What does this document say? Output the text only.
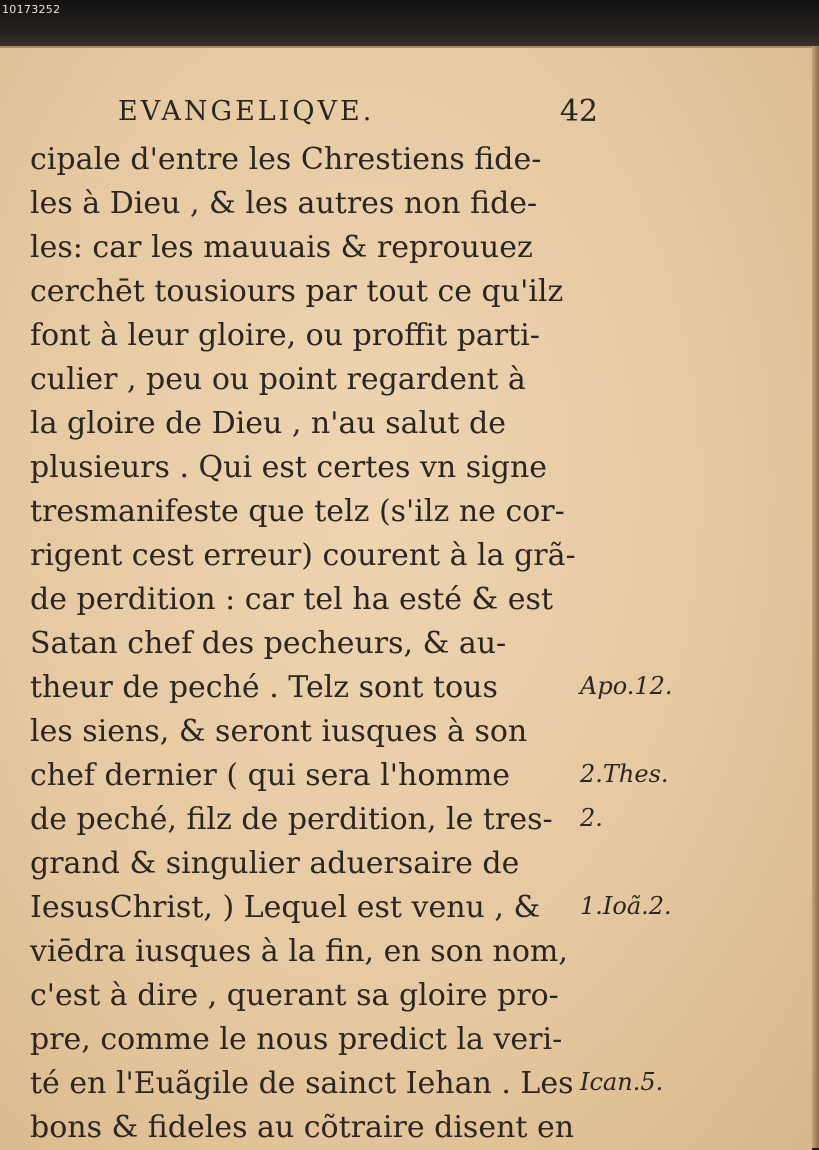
10173252
EVANGELIQVE.	42
cipale d'entre les Chrestiens fide-
les à Dieu , & les autres non fide-
les: car les mauuais & reprouuez
cerchēt tousiours par tout ce qu'ilz
font à leur gloire, ou proffit parti-
culier , peu ou point regardent à
la gloire de Dieu , n'au salut de
plusieurs . Qui est certes vn signe
tresmanifeste que telz (s'ilz ne cor-
rigent cest erreur) courent à la grã-
de perdition : car tel ha esté & est
Satan chef des pecheurs, & au-
theur de peché . Telz sont tous
les siens, & seront iusques à son
chef dernier ( qui sera l'homme
de peché, filz de perdition, le tres-
grand & singulier aduersaire de
IesusChrist, ) Lequel est venu , &
viēdra iusques à la fin, en son nom,
c'est à dire , querant sa gloire pro-
pre, comme le nous predict la veri-
té en l'Euãgile de sainct Iehan . Les
bons & fideles au cõtraire disent en
Apo.12.
2.Thes.
2.
1.Ioã.2.
Ican.5.
